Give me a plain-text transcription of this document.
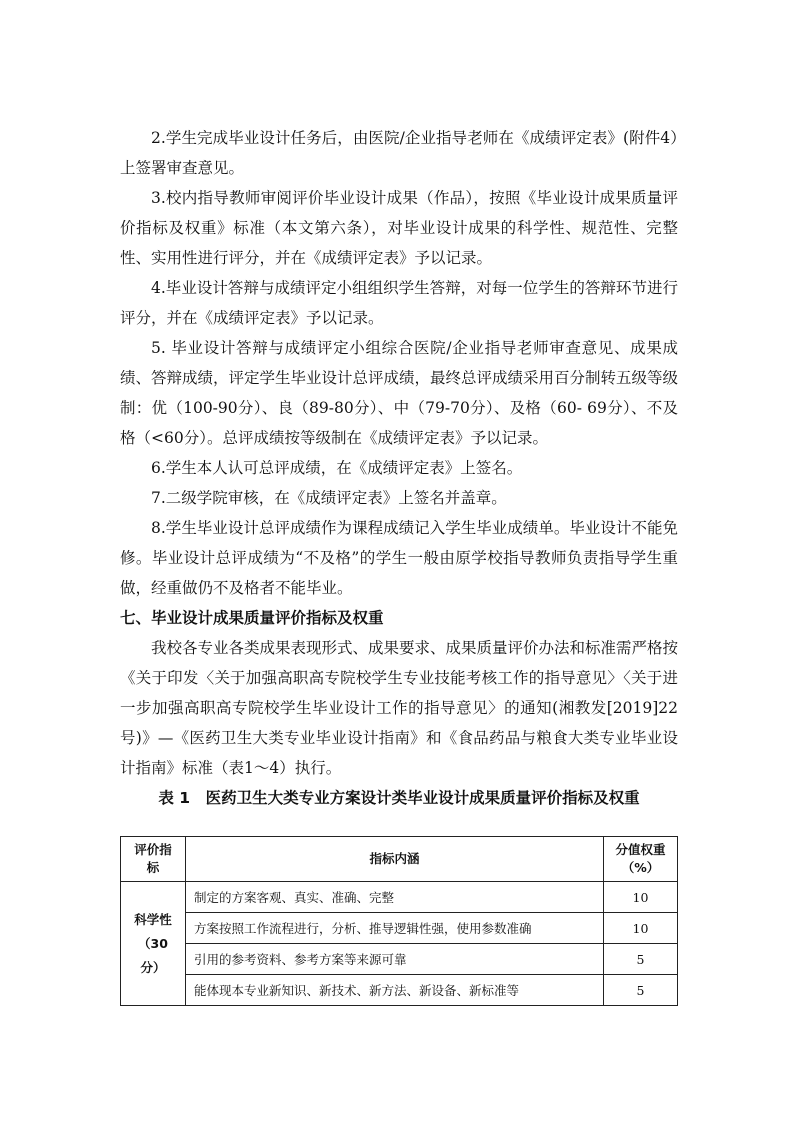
2.学生完成毕业设计任务后，由医院/企业指导老师在《成绩评定表》(附件4）上签署审查意见。

3.校内指导教师审阅评价毕业设计成果（作品），按照《毕业设计成果质量评价指标及权重》标准（本文第六条），对毕业设计成果的科学性、规范性、完整性、实用性进行评分，并在《成绩评定表》予以记录。

4.毕业设计答辩与成绩评定小组组织学生答辩，对每一位学生的答辩环节进行评分，并在《成绩评定表》予以记录。

5. 毕业设计答辩与成绩评定小组综合医院/企业指导老师审查意见、成果成绩、答辩成绩，评定学生毕业设计总评成绩，最终总评成绩采用百分制转五级等级制：优（100-90分）、良（89-80分）、中（79-70分）、及格（60- 69分）、不及格（<60分）。总评成绩按等级制在《成绩评定表》予以记录。

6.学生本人认可总评成绩，在《成绩评定表》上签名。

7.二级学院审核，在《成绩评定表》上签名并盖章。

8.学生毕业设计总评成绩作为课程成绩记入学生毕业成绩单。毕业设计不能免修。毕业设计总评成绩为“不及格”的学生一般由原学校指导教师负责指导学生重做，经重做仍不及格者不能毕业。

七、毕业设计成果质量评价指标及权重

我校各专业各类成果表现形式、成果要求、成果质量评价办法和标准需严格按《关于印发〈关于加强高职高专院校学生专业技能考核工作的指导意见〉〈关于进一步加强高职高专院校学生毕业设计工作的指导意见〉的通知(湘教发[2019]22号)》—《医药卫生大类专业毕业设计指南》和《食品药品与粮食大类专业毕业设计指南》标准（表1～4）执行。

表 1　医药卫生大类专业方案设计类毕业设计成果质量评价指标及权重
评价指标	指标内涵	分值权重（%）
科学性（30分）	制定的方案客观、真实、准确、完整	10
	方案按照工作流程进行，分析、推导逻辑性强，使用参数准确	10
	引用的参考资料、参考方案等来源可靠	5
	能体现本专业新知识、新技术、新方法、新设备、新标准等	5
